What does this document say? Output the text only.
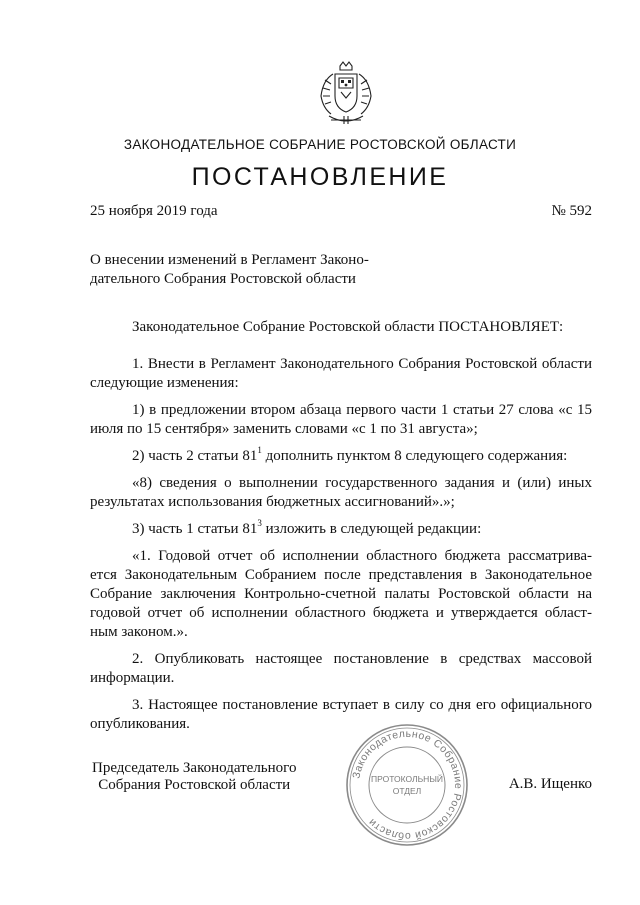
ЗАКОНОДАТЕЛЬНОЕ СОБРАНИЕ РОСТОВСКОЙ ОБЛАСТИ
ПОСТАНОВЛЕНИЕ
25 ноября 2019 года	№ 592
О внесении изменений в Регламент Законо-
дательного Собрания Ростовской области

Законодательное Собрание Ростовской области ПОСТАНОВЛЯЕТ:

1. Внести в Регламент Законодательного Собрания Ростовской области следующие изменения:

1) в предложении втором абзаца первого части 1 статьи 27 слова «с 15 июля по 15 сентября» заменить словами «с 1 по 31 августа»;

2) часть 2 статьи $81^1$ дополнить пунктом 8 следующего содержания:

«8) сведения о выполнении государственного задания и (или) иных результатах использования бюджетных ассигнований».»;

3) часть 1 статьи $81^3$ изложить в следующей редакции:

«1. Годовой отчет об исполнении областного бюджета рассматрива-ется Законодательным Собранием после представления в Законодательное Собрание заключения Контрольно-счетной палаты Ростовской области на годовой отчет об исполнении областного бюджета и утверждается област-ным законом.».

2. Опубликовать настоящее постановление в средствах массовой информации.

3. Настоящее постановление вступает в силу со дня его официального опубликования.

Законодательное Собрание Ростовской области
ПРОТОКОЛЬНЫЙ
ОТДЕЛ
Председатель Законодательного
Собрания Ростовской области	А.В. Ищенко
